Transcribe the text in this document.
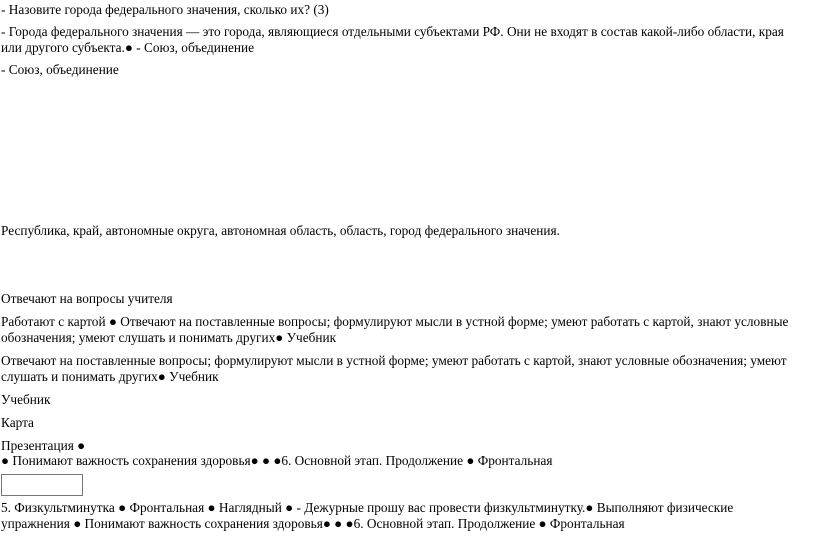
- Назовите города федерального значения, сколько их? (3)

- Города федерального значения — это города, являющиеся отдельными субъектами РФ. Они не входят в состав какой-либо области, края или другого субъекта.● - Союз, объединение

- Союз, объединение

Республика, край, автономные округа, автономная область, область, город федерального значения.

Отвечают на вопросы учителя

Работают с картой ● Отвечают на поставленные вопросы; формулируют мысли в устной форме; умеют работать с картой, знают условные обозначения; умеют слушать и понимать других● Учебник

Отвечают на поставленные вопросы; формулируют мысли в устной форме; умеют работать с картой, знают условные обозначения; умеют слушать и понимать других● Учебник

Учебник

Карта

Презентация ●

● Понимают важность сохранения здоровья● ● ●6. Основной этап. Продолжение ● Фронтальная

5. Физкультминутка ● Фронтальная ● Наглядный ● - Дежурные прошу вас провести физкультминутку.● Выполняют физические упражнения ● Понимают важность сохранения здоровья● ● ●6. Основной этап. Продолжение ● Фронтальная
